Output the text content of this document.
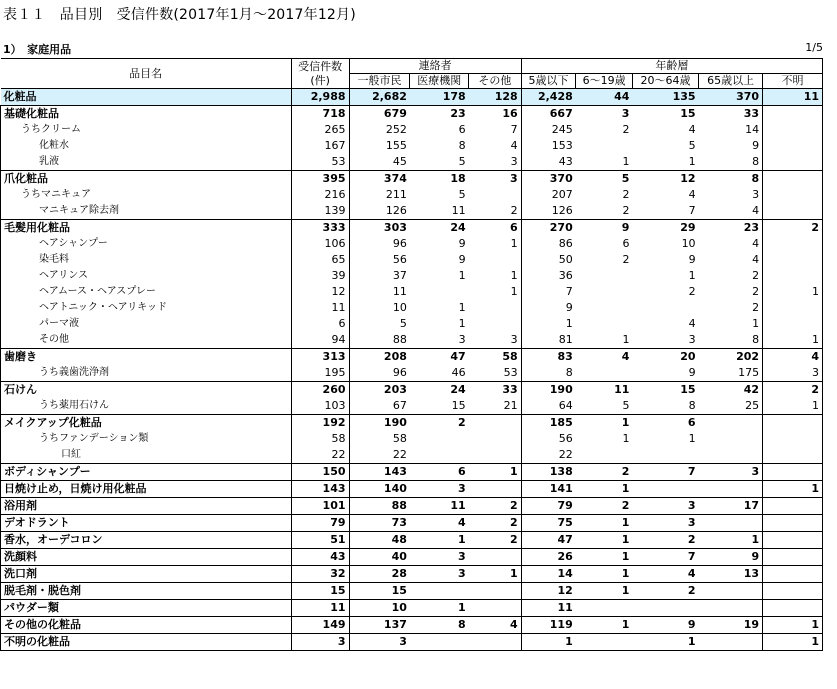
表１１　品目別　受信件数(2017年1月～2017年12月)
1）　家庭用品	1/5
品目名	受信件数
(件)	連絡者			年齢層				
		一般市民	医療機関	その他	5歳以下	6～19歳	20～64歳	65歳以上	不明
化粧品	2,988	2,682	178	128	2,428	44	135	370	11
基礎化粧品	718	679	23	16	667	3	15	33	
うちクリーム	265	252	6	7	245	2	4	14	
化粧水	167	155	8	4	153		5	9	
乳液	53	45	5	3	43	1	1	8	
爪化粧品	395	374	18	3	370	5	12	8	
うちマニキュア	216	211	5		207	2	4	3	
マニキュア除去剤	139	126	11	2	126	2	7	4	
毛髪用化粧品	333	303	24	6	270	9	29	23	2
ヘアシャンプー	106	96	9	1	86	6	10	4	
染毛料	65	56	9		50	2	9	4	
ヘアリンス	39	37	1	1	36		1	2	
ヘアムース・ヘアスプレー	12	11		1	7		2	2	1
ヘアトニック・ヘアリキッド	11	10	1		9			2	
パーマ液	6	5	1		1		4	1	
その他	94	88	3	3	81	1	3	8	1
歯磨き	313	208	47	58	83	4	20	202	4
うち義歯洗浄剤	195	96	46	53	8		9	175	3
石けん	260	203	24	33	190	11	15	42	2
うち薬用石けん	103	67	15	21	64	5	8	25	1
メイクアップ化粧品	192	190	2		185	1	6		
うちファンデーション類	58	58			56	1	1		
口紅	22	22			22				
ボディシャンプー	150	143	6	1	138	2	7	3	
日焼け止め，日焼け用化粧品	143	140	3		141	1			1
浴用剤	101	88	11	2	79	2	3	17	
デオドラント	79	73	4	2	75	1	3		
香水，オーデコロン	51	48	1	2	47	1	2	1	
洗顔料	43	40	3		26	1	7	9	
洗口剤	32	28	3	1	14	1	4	13	
脱毛剤・脱色剤	15	15			12	1	2		
パウダー類	11	10	1		11				
その他の化粧品	149	137	8	4	119	1	9	19	1
不明の化粧品	3	3			1		1		1
